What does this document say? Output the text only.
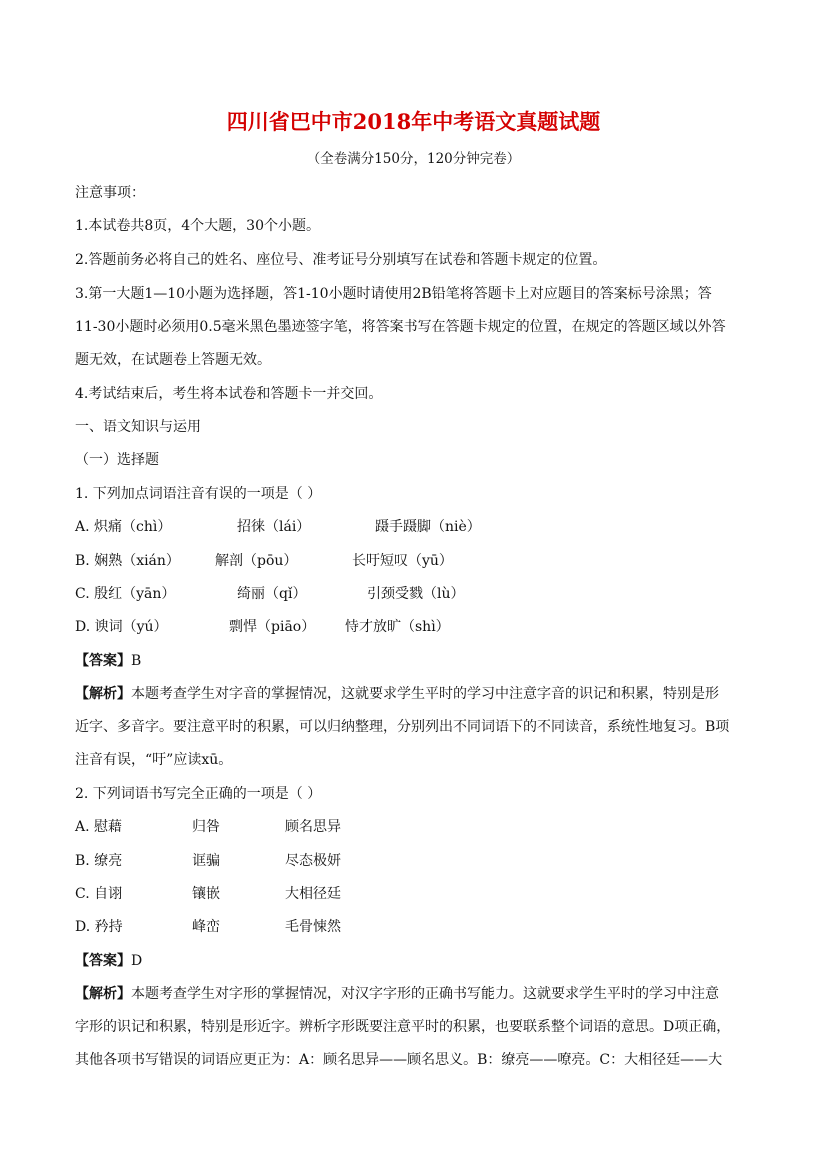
四川省巴中市2018年中考语文真题试题
（全卷满分150分，120分钟完卷）
注意事项：
1.本试卷共8页，4个大题，30个小题。
2.答题前务必将自己的姓名、座位号、准考证号分别填写在试卷和答题卡规定的位置。
3.第一大题1—10小题为选择题，答1-10小题时请使用2B铅笔将答题卡上对应题目的答案标号涂黑；答
11-30小题时必须用0.5毫米黑色墨迹签字笔，将答案书写在答题卡规定的位置，在规定的答题区域以外答
题无效，在试题卷上答题无效。
4.考试结束后，考生将本试卷和答题卡一并交回。
一、语文知识与运用
（一）选择题
1. 下列加点词语注音有误的一项是（ ）
A. 炽痛（chì）	招徕（lái）	蹑手蹑脚（niè）
B. 娴熟（xián）	解剖（pōu）	长吁短叹（yū）
C. 殷红（yān）	绮丽（qǐ）	引颈受戮（lù）
D. 谀词（yú）	剽悍（piāo） 恃才放旷（shì）
【答案】B
【解析】本题考查学生对字音的掌握情况，这就要求学生平时的学习中注意字音的识记和积累，特别是形
近字、多音字。要注意平时的积累，可以归纳整理，分别列出不同词语下的不同读音，系统性地复习。B项
注音有误，“吁”应读xū。
2. 下列词语书写完全正确的一项是（ ）
A. 慰藉	归咎	顾名思异
B. 缭亮	诓骗	尽态极妍
C. 自诩	镶嵌	大相径廷
D. 矜持	峰峦	毛骨悚然
【答案】D
【解析】本题考查学生对字形的掌握情况，对汉字字形的正确书写能力。这就要求学生平时的学习中注意
字形的识记和积累，特别是形近字。辨析字形既要注意平时的积累，也要联系整个词语的意思。D项正确，
其他各项书写错误的词语应更正为：A：顾名思异——顾名思义。B：缭亮——嘹亮。C：大相径廷——大
